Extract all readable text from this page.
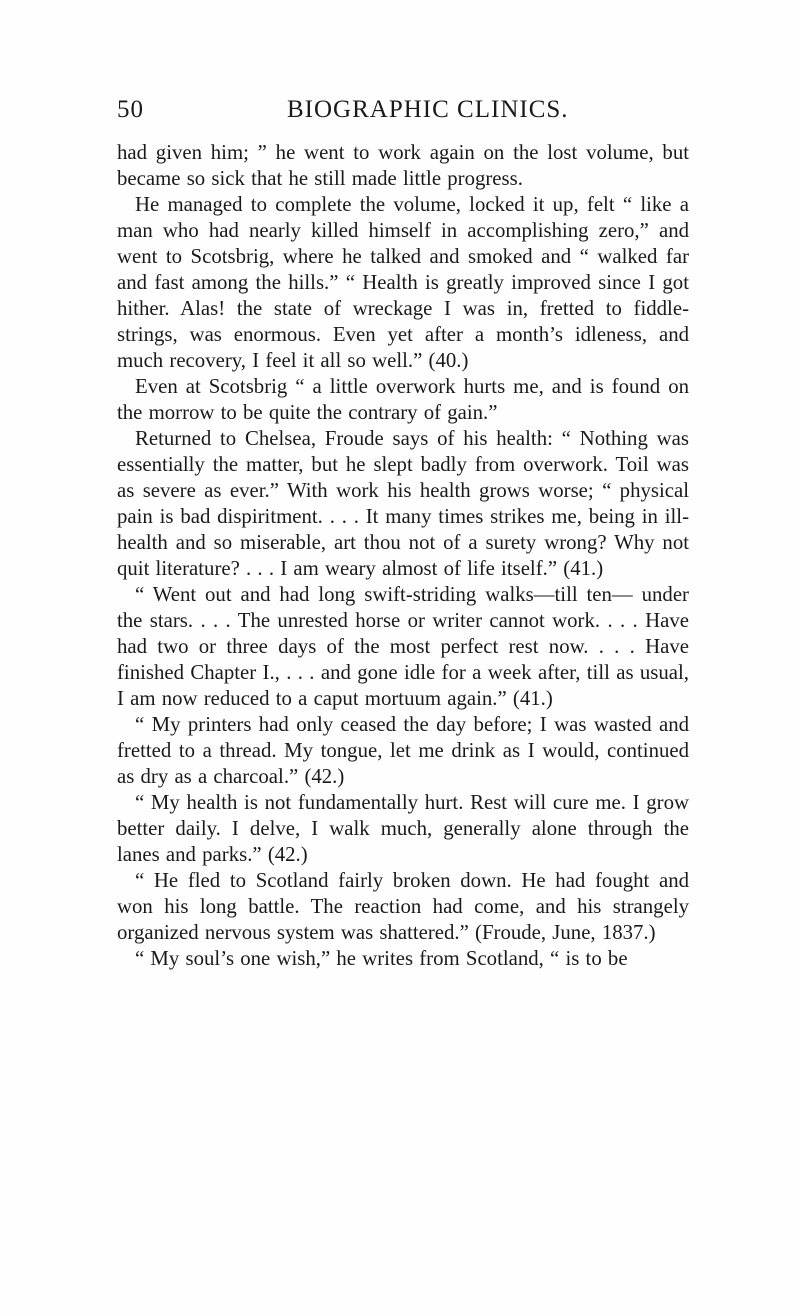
50	BIOGRAPHIC CLINICS.

had given him; ” he went to work again on the lost volume, but became so sick that he still made little progress.

He managed to complete the volume, locked it up, felt “ like a man who had nearly killed himself in accomplishing zero,” and went to Scotsbrig, where he talked and smoked and “ walked far and fast among the hills.” “ Health is greatly improved since I got hither. Alas! the state of wreckage I was in, fretted to fiddle-strings, was enormous. Even yet after a month’s idleness, and much recovery, I feel it all so well.” (40.)

Even at Scotsbrig “ a little overwork hurts me, and is found on the morrow to be quite the contrary of gain.”

Returned to Chelsea, Froude says of his health: “ Nothing was essentially the matter, but he slept badly from overwork. Toil was as severe as ever.” With work his health grows worse; “ physical pain is bad dispiritment. . . . It many times strikes me, being in ill-health and so miserable, art thou not of a surety wrong? Why not quit literature? . . . I am weary almost of life itself.” (41.)

“ Went out and had long swift-striding walks—till ten— under the stars. . . . The unrested horse or writer cannot work. . . . Have had two or three days of the most perfect rest now. . . . Have finished Chapter I., . . . and gone idle for a week after, till as usual, I am now reduced to a caput mortuum again.” (41.)

“ My printers had only ceased the day before; I was wasted and fretted to a thread. My tongue, let me drink as I would, continued as dry as a charcoal.” (42.)

“ My health is not fundamentally hurt. Rest will cure me. I grow better daily. I delve, I walk much, generally alone through the lanes and parks.” (42.)

“ He fled to Scotland fairly broken down. He had fought and won his long battle. The reaction had come, and his strangely organized nervous system was shattered.” (Froude, June, 1837.)

“ My soul’s one wish,” he writes from Scotland, “ is to be
